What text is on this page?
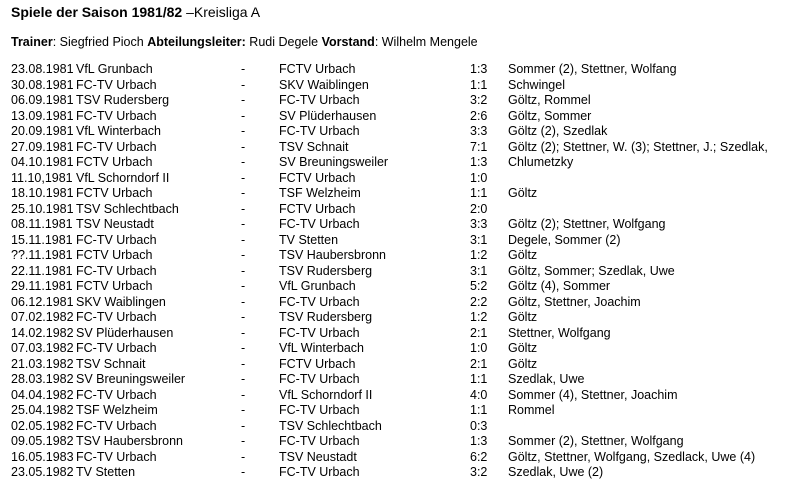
Spiele der Saison 1981/82 –Kreisliga A
Trainer: Siegfried Pioch Abteilungsleiter: Rudi Degele Vorstand: Wilhelm Mengele
23.08.1981 VfL Grunbach	-	FCTV Urbach	1:3 Sommer (2), Stettner, Wolfang
30.08.1981 FC-TV Urbach	-	SKV Waiblingen	1:1 Schwingel
06.09.1981 TSV Rudersberg	-	FC-TV Urbach	3:2 Göltz, Rommel
13.09.1981 FC-TV Urbach	-	SV Plüderhausen	2:6 Göltz, Sommer
20.09.1981 VfL Winterbach	-	FC-TV Urbach	3:3 Göltz (2), Szedlak
27.09.1981 FC-TV Urbach	-	TSV Schnait	7:1 Göltz (2); Stettner, W. (3); Stettner, J.; Szedlak,
04.10.1981 FCTV Urbach	-	SV Breuningsweiler	1:3 Chlumetzky
11.10,1981 VfL Schorndorf II	-	FCTV Urbach	1:0
18.10.1981 FCTV Urbach	-	TSF Welzheim	1:1 Göltz
25.10.1981 TSV Schlechtbach	-	FCTV Urbach	2:0
08.11.1981 TSV Neustadt	-	FC-TV Urbach	3:3 Göltz (2); Stettner, Wolfgang
15.11.1981 FC-TV Urbach	-	TV Stetten	3:1 Degele, Sommer (2)
??.11.1981 FCTV Urbach	-	TSV Haubersbronn	1:2 Göltz
22.11.1981 FC-TV Urbach	-	TSV Rudersberg	3:1 Göltz, Sommer; Szedlak, Uwe
29.11.1981 FCTV Urbach	-	VfL Grunbach	5:2 Göltz (4), Sommer
06.12.1981 SKV Waiblingen	-	FC-TV Urbach	2:2 Göltz, Stettner, Joachim
07.02.1982 FC-TV Urbach	-	TSV Rudersberg	1:2 Göltz
14.02.1982 SV Plüderhausen	-	FC-TV Urbach	2:1 Stettner, Wolfgang
07.03.1982 FC-TV Urbach	-	VfL Winterbach	1:0 Göltz
21.03.1982 TSV Schnait	-	FCTV Urbach	2:1 Göltz
28.03.1982 SV Breuningsweiler	-	FC-TV Urbach	1:1 Szedlak, Uwe
04.04.1982 FC-TV Urbach	-	VfL Schorndorf II	4:0 Sommer (4), Stettner, Joachim
25.04.1982 TSF Welzheim	-	FC-TV Urbach	1:1 Rommel
02.05.1982 FC-TV Urbach	-	TSV Schlechtbach	0:3
09.05.1982 TSV Haubersbronn	-	FC-TV Urbach	1:3 Sommer (2), Stettner, Wolfgang
16.05.1983 FC-TV Urbach	-	TSV Neustadt	6:2 Göltz, Stettner, Wolfgang, Szedlack, Uwe (4)
23.05.1982 TV Stetten	-	FC-TV Urbach	3:2 Szedlak, Uwe (2)
